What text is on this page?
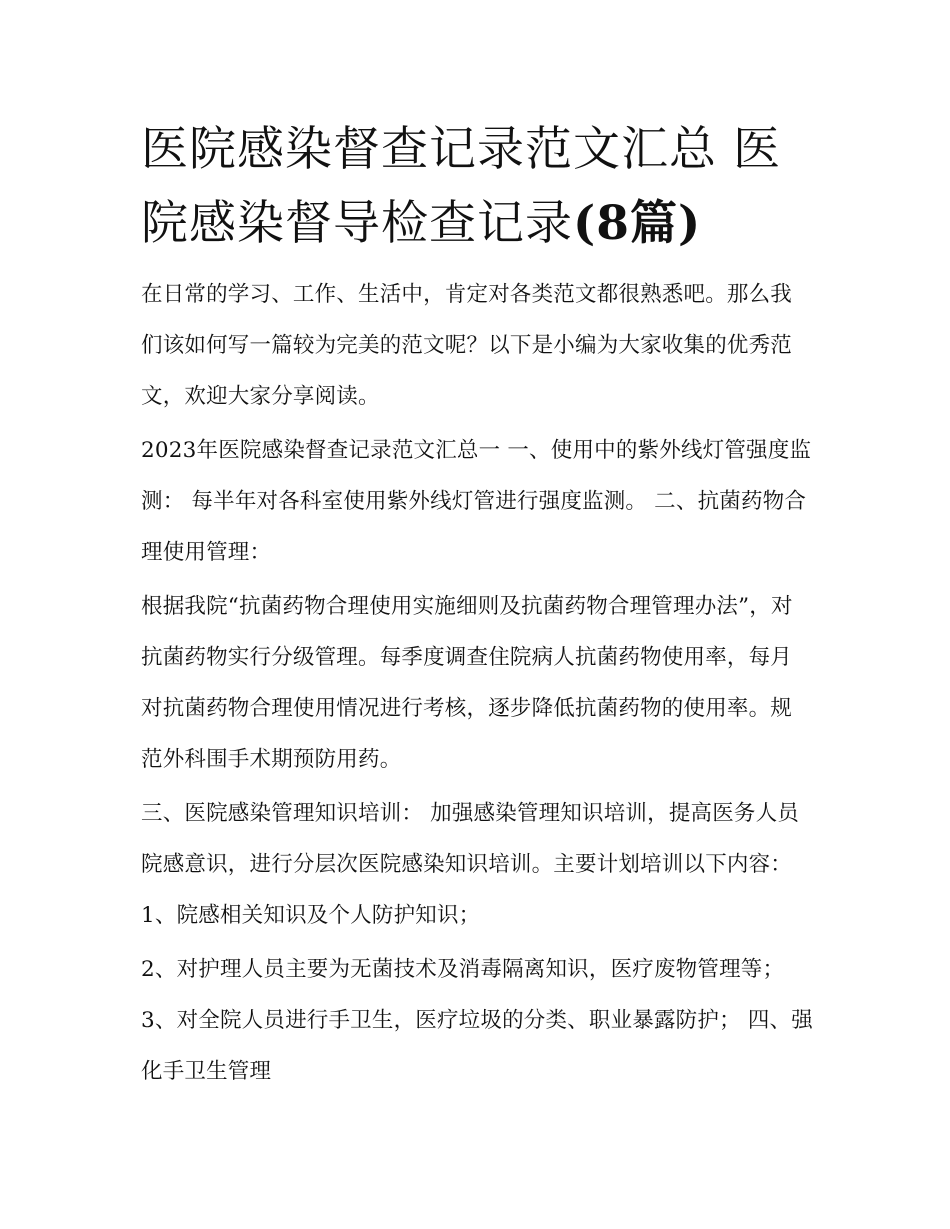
医院感染督查记录范文汇总 医院感染督导检查记录(8篇)

在日常的学习、工作、生活中，肯定对各类范文都很熟悉吧。那么我们该如何写一篇较为完美的范文呢？以下是小编为大家收集的优秀范文，欢迎大家分享阅读。

2023年医院感染督查记录范文汇总一 一、使用中的紫外线灯管强度监测： 每半年对各科室使用紫外线灯管进行强度监测。 二、抗菌药物合理使用管理：

根据我院“抗菌药物合理使用实施细则及抗菌药物合理管理办法”，对抗菌药物实行分级管理。每季度调查住院病人抗菌药物使用率，每月对抗菌药物合理使用情况进行考核，逐步降低抗菌药物的使用率。规范外科围手术期预防用药。

三、医院感染管理知识培训： 加强感染管理知识培训，提高医务人员院感意识，进行分层次医院感染知识培训。主要计划培训以下内容： 1、院感相关知识及个人防护知识；

2、对护理人员主要为无菌技术及消毒隔离知识，医疗废物管理等； 3、对全院人员进行手卫生，医疗垃圾的分类、职业暴露防护； 四、强化手卫生管理
